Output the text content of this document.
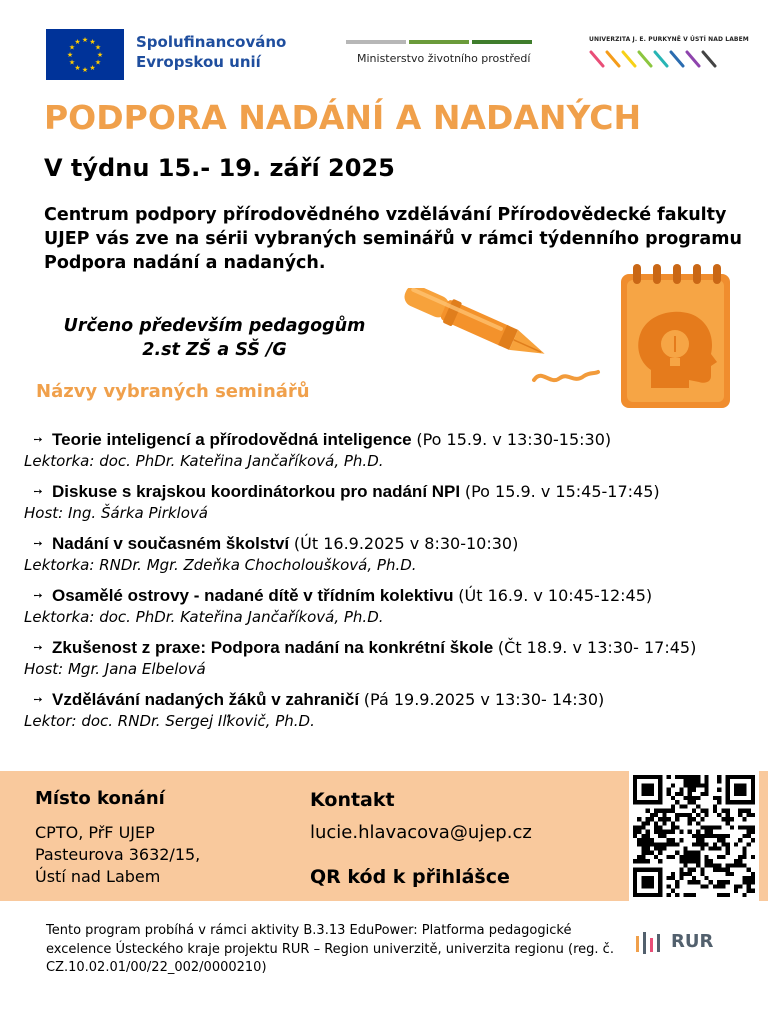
★ ★
★
★
★
★
★
★
★
★
★
★	Spolufinancováno
Evropskou unií	Ministerstvo životního prostředí
UNIVERZITA J. E. PURKYNĚ V ÚSTÍ NAD LABEM
PODPORA NADÁNÍ A NADANÝCH
V týdnu 15.- 19. září 2025
Centrum podpory přírodovědného vzdělávání Přírodovědecké fakulty UJEP vás zve na sérii vybraných seminářů v rámci týdenního programu Podpora nadání a nadaných.
Určeno především pedagogům
2.st ZŠ a SŠ /G
Názvy vybraných seminářů
➙ Teorie inteligencí a přírodovědná inteligence (Po 15.9. v 13:30-15:30)
Lektorka: doc. PhDr. Kateřina Jančaříková, Ph.D.
➙ Diskuse s krajskou koordinátorkou pro nadání NPI (Po 15.9. v 15:45-17:45)
Host: Ing. Šárka Pirklová
➙ Nadání v současném školství (Út 16.9.2025 v 8:30-10:30)
Lektorka: RNDr. Mgr. Zdeňka Chocholoušková, Ph.D.
➙ Osamělé ostrovy - nadané dítě v třídním kolektivu (Út 16.9. v 10:45-12:45)
Lektorka: doc. PhDr. Kateřina Jančaříková, Ph.D.
➙ Zkušenost z praxe: Podpora nadání na konkrétní škole (Čt 18.9. v 13:30- 17:45)
Host: Mgr. Jana Elbelová
➙ Vzdělávání nadaných žáků v zahraničí (Pá 19.9.2025 v 13:30- 14:30)
Lektor: doc. RNDr. Sergej Iľkovič, Ph.D.
Místo konání
CPTO, PřF UJEP
Pasteurova 3632/15,
Ústí nad Labem
Kontakt
lucie.hlavacova@ujep.cz
QR kód k přihlášce
Tento program probíhá v rámci aktivity B.3.13 EduPower: Platforma pedagogické excelence Ústeckého kraje projektu RUR – Region univerzitě, univerzita regionu (reg. č. CZ.10.02.01/00/22_002/0000210)
RUR
